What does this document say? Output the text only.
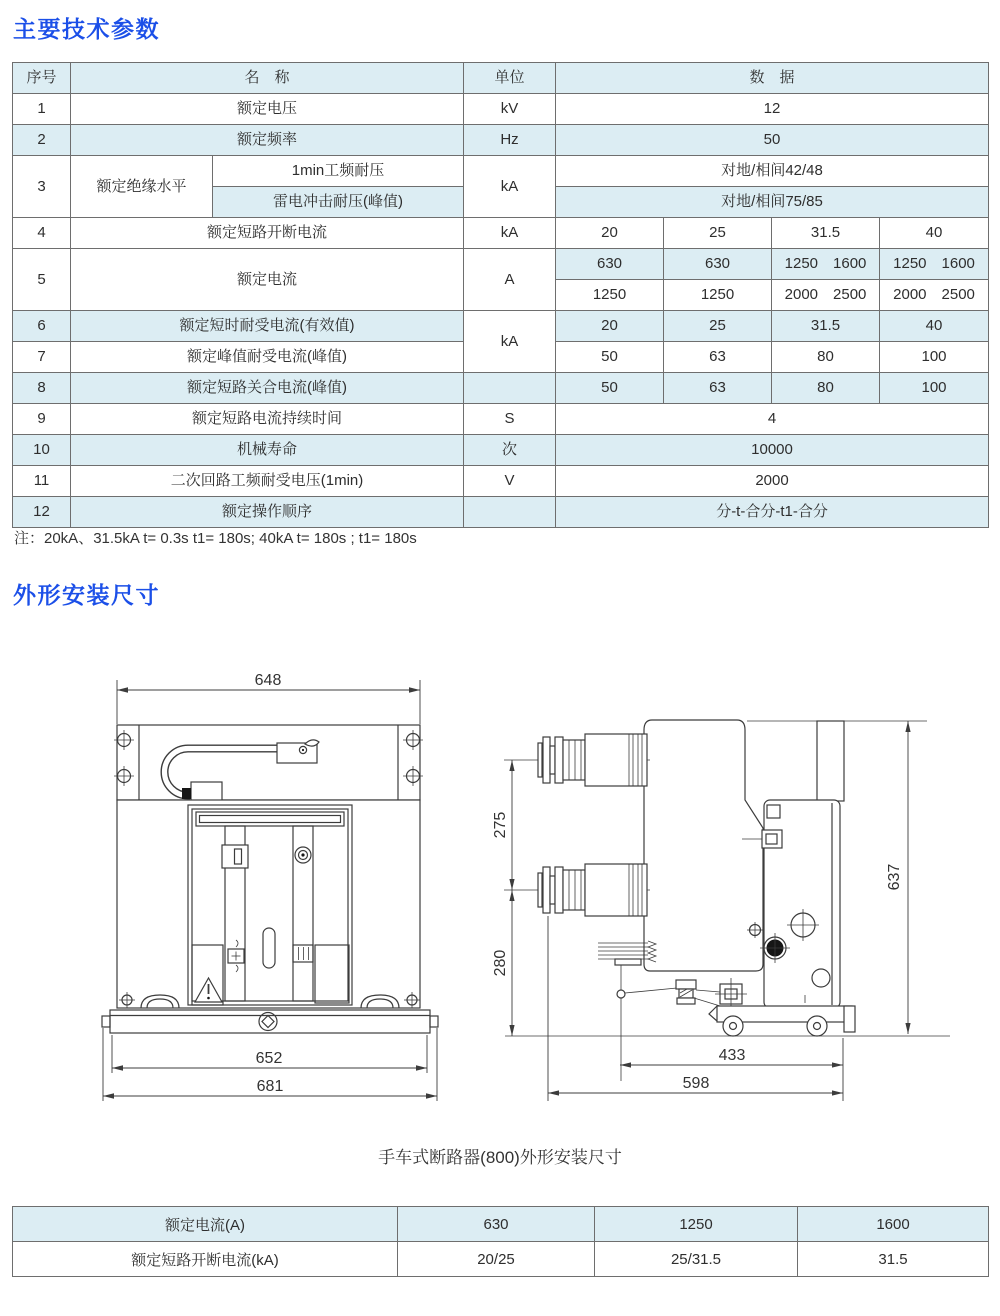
主要技术参数
序号	名　称		单位	数　据			
1	额定电压		kV	12			
2	额定频率		Hz	50			
3	额定绝缘水平	1min工频耐压	kA	对地/相间42/48			
		雷电冲击耐压(峰值)		对地/相间75/85			
4	额定短路开断电流		kA	20	25	31.5	40
5	额定电流		A	630	630	1250 1600	1250 1600
				1250	1250	2000 2500	2000 2500
6	额定短时耐受电流(有效值)		kA	20	25	31.5	40
7	额定峰值耐受电流(峰值)			50	63	80	100
8	额定短路关合电流(峰值)			50	63	80	100
9	额定短路电流持续时间		S	4			
10	机械寿命		次	10000			
11	二次回路工频耐受电压(1min)		V	2000			
12	额定操作顺序			分-t-合分-t1-合分			
注：20kA、31.5kA t= 0.3s t1= 180s; 40kA t= 180s ; t1= 180s
外形安装尺寸
648
652
681
275
280
637
433
598
手车式断路器(800)外形安装尺寸
额定电流(A)	630	1250	1600
额定短路开断电流(kA)	20/25	25/31.5	31.5
